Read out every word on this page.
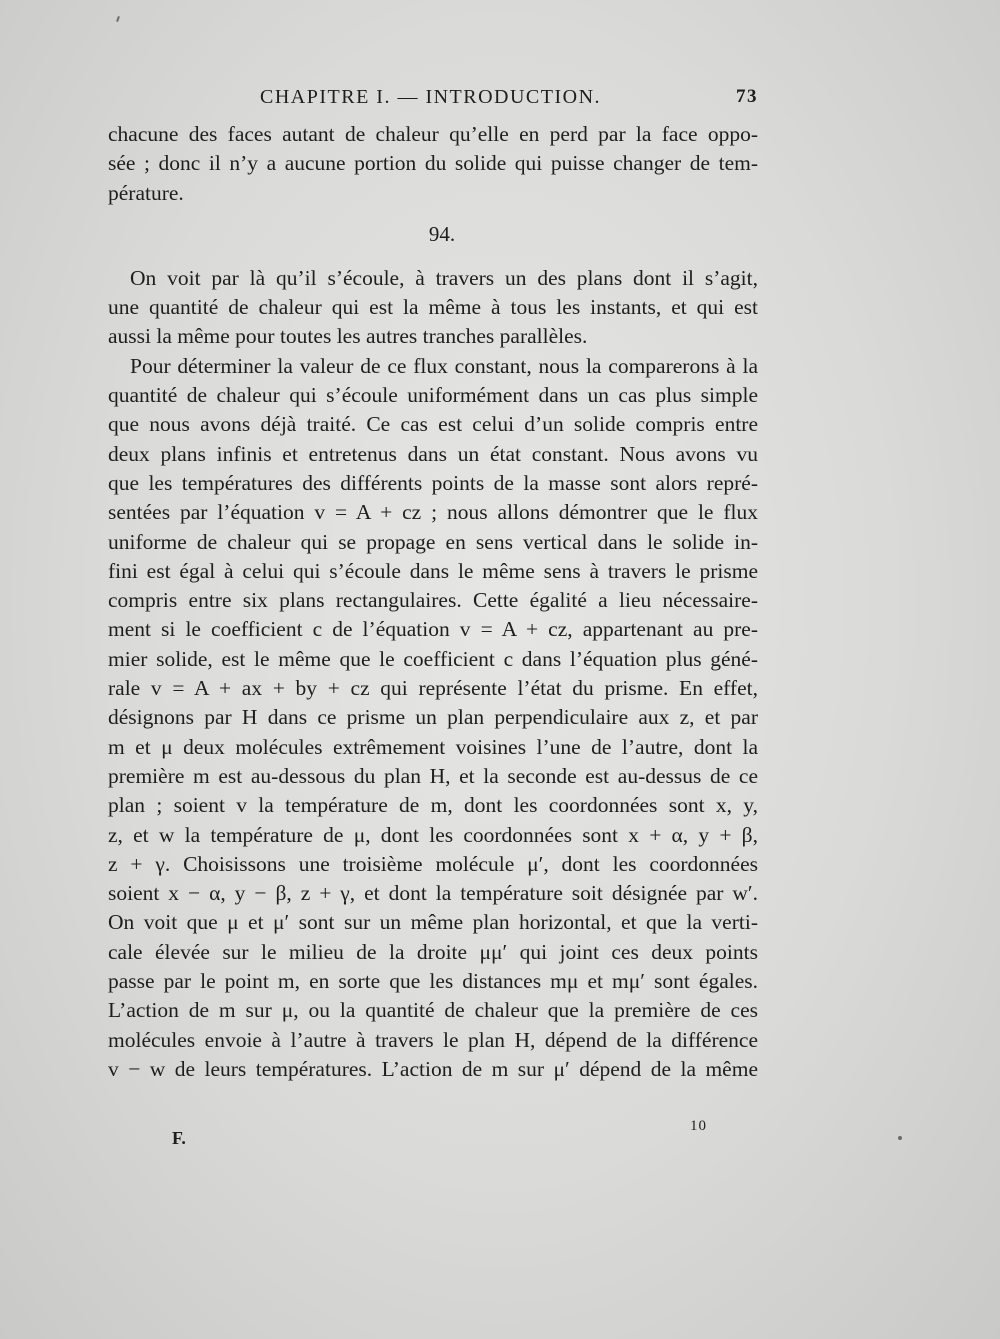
CHAPITRE I. — INTRODUCTION.	73
chacune des faces autant de chaleur qu’elle en perd par la face oppo-
sée ; donc il n’y a aucune portion du solide qui puisse changer de tem-
pérature.
94.
On voit par là qu’il s’écoule, à travers un des plans dont il s’agit,
une quantité de chaleur qui est la même à tous les instants, et qui est
aussi la même pour toutes les autres tranches parallèles.
Pour déterminer la valeur de ce flux constant, nous la comparerons à la
quantité de chaleur qui s’écoule uniformément dans un cas plus simple
que nous avons déjà traité. Ce cas est celui d’un solide compris entre
deux plans infinis et entretenus dans un état constant. Nous avons vu
que les températures des différents points de la masse sont alors repré-
sentées par l’équation v = A + cz ; nous allons démontrer que le flux
uniforme de chaleur qui se propage en sens vertical dans le solide in-
fini est égal à celui qui s’écoule dans le même sens à travers le prisme
compris entre six plans rectangulaires. Cette égalité a lieu nécessaire-
ment si le coefficient c de l’équation v = A + cz, appartenant au pre-
mier solide, est le même que le coefficient c dans l’équation plus géné-
rale v = A + ax + by + cz qui représente l’état du prisme. En effet,
désignons par H dans ce prisme un plan perpendiculaire aux z, et par
m et μ deux molécules extrêmement voisines l’une de l’autre, dont la
première m est au-dessous du plan H, et la seconde est au-dessus de ce
plan ; soient v la température de m, dont les coordonnées sont x, y,
z, et w la température de μ, dont les coordonnées sont x + α, y + β,
z + γ. Choisissons une troisième molécule μ′, dont les coordonnées
soient x − α, y − β, z + γ, et dont la température soit désignée par w′.
On voit que μ et μ′ sont sur un même plan horizontal, et que la verti-
cale élevée sur le milieu de la droite μμ′ qui joint ces deux points
passe par le point m, en sorte que les distances mμ et mμ′ sont égales.
L’action de m sur μ, ou la quantité de chaleur que la première de ces
molécules envoie à l’autre à travers le plan H, dépend de la différence
v − w de leurs températures. L’action de m sur μ′ dépend de la même
F.
10
